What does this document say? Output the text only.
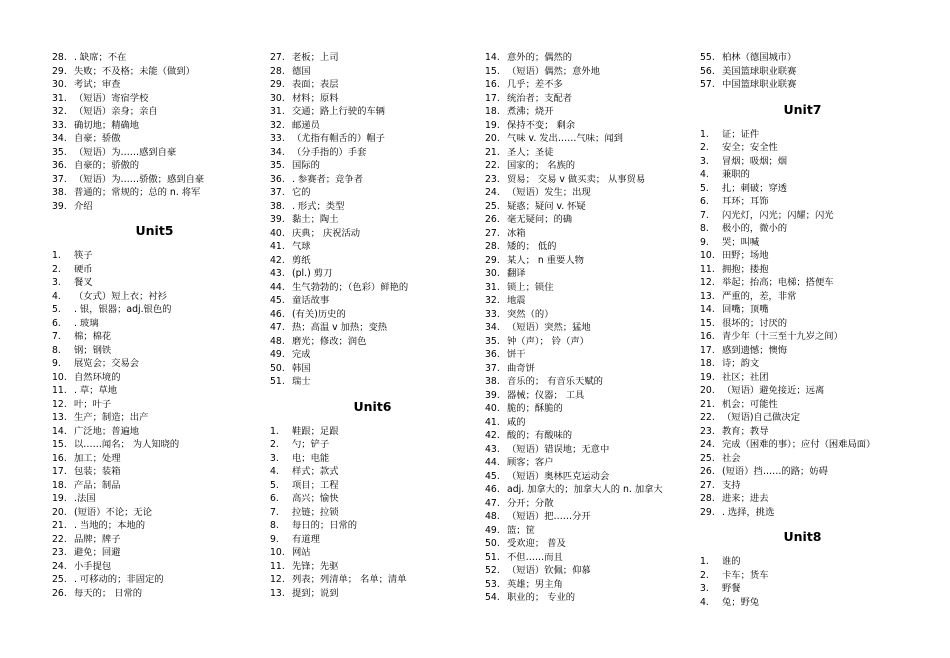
28. . 缺席；不在
29. 失败；不及格；未能（做到）
30. 考试；审查
31. （短语）寄宿学校
32. （短语）亲身；亲自
33. 确切地；精确地
34. 自豪；骄傲
35. （短语）为……感到自豪
36. 自豪的；骄傲的
37. （短语）为……骄傲；感到自豪
38. 普通的；常规的；总的 n. 将军
39. 介绍
Unit5
1. 筷子
2. 硬币
3. 餐叉
4. （女式）短上衣；衬衫
5. . 银，银器；adj.银色的
6. . 玻璃
7. 棉；棉花
8. 钢；钢铁
9. 展览会；交易会
10. 自然环境的
11. . 草；草地
12. 叶；叶子
13. 生产；制造；出产
14. 广泛地；普遍地
15. 以……闻名； 为人知晓的
16. 加工；处理
17. 包装；装箱
18. 产品；制品
19. .法国
20. (短语）不论；无论
21. . 当地的；本地的
22. 品牌；牌子
23. 避免；回避
24. 小手提包
25. . 可移动的；非固定的
26. 每天的； 日常的
27. 老板；上司
28. 德国
29. 表面；表层
30. 材料；原料
31. 交通；路上行驶的车辆
32. 邮递员
33. （尤指有帽舌的）帽子
34. （分手指的）手套
35. 国际的
36. . 参赛者；竞争者
37. 它的
38. . 形式；类型
39. 黏土；陶土
40. 庆典； 庆祝活动
41. 气球
42. 剪纸
43. (pl.) 剪刀
44. 生气勃勃的；（色彩）鲜艳的
45. 童话故事
46. (有关)历史的
47. 热；高温 v 加热；变热
48. 磨光；修改；润色
49. 完成
50. 韩国
51. 瑞士
Unit6
1. 鞋跟；足跟
2. 勺；铲子
3. 电；电能
4. 样式；款式
5. 项目；工程
6. 高兴；愉快
7. 拉链；拉锁
8. 每日的；日常的
9. 有道理
10. 网站
11. 先锋；先驱
12. 列表；列清单； 名单；清单
13. 提到；说到
14. 意外的；偶然的
15. （短语）偶然；意外地
16. 几乎；差不多
17. 统治者；支配者
18. 煮沸；烧开
19. 保持不变； 剩余
20. 气味 v. 发出……气味；闻到
21. 圣人；圣徒
22. 国家的； 名族的
23. 贸易； 交易 v 做买卖； 从事贸易
24. （短语）发生；出现
25. 疑惑；疑问 v. 怀疑
26. 毫无疑问；的确
27. 冰箱
28. 矮的； 低的
29. 某人； n 重要人物
30. 翻译
31. 锁上；锁住
32. 地震
33. 突然（的）
34. （短语）突然；猛地
35. 钟（声）； 铃（声）
36. 饼干
37. 曲奇饼
38. 音乐的； 有音乐天赋的
39. 器械；仪器； 工具
40. 脆的；酥脆的
41. 咸的
42. 酸的；有酸味的
43. （短语）错误地；无意中
44. 顾客；客户
45. （短语）奥林匹克运动会
46. adj. 加拿大的；加拿大人的 n. 加拿大
47. 分开；分散
48. （短语）把……分开
49. 篮；筐
50. 受欢迎； 普及
51. 不但……而且
52. （短语）钦佩；仰慕
53. 英雄；男主角
54. 职业的； 专业的
55. 柏林（德国城市）
56. 美国篮球职业联赛
57. 中国篮球职业联赛
Unit7
1. 证；证件
2. 安全；安全性
3. 冒烟；吸烟；烟
4. 兼职的
5. 扎；刺破；穿透
6. 耳环；耳饰
7. 闪光灯，闪光；闪耀；闪光
8. 极小的，微小的
9. 哭；叫喊
10. 田野；场地
11. 拥抱；搂抱
12. 举起；抬高；电梯；搭便车
13. 严重的，差，非常
14. 回嘴；顶嘴
15. 很坏的；讨厌的
16. 青少年（十三至十九岁之间）
17. 感到遗憾；懊悔
18. 诗；韵文
19. 社区；社团
20. （短语）避免接近；远离
21. 机会；可能性
22. （短语)自己做决定
23. 教育；教导
24. 完成（困难的事）；应付（困难局面）
25. 社会
26. (短语）挡……的路；妨碍
27. 支持
28. 进来；进去
29. . 选择，挑选
Unit8
1. 谁的
2. 卡车；货车
3. 野餐
4. 兔；野兔
